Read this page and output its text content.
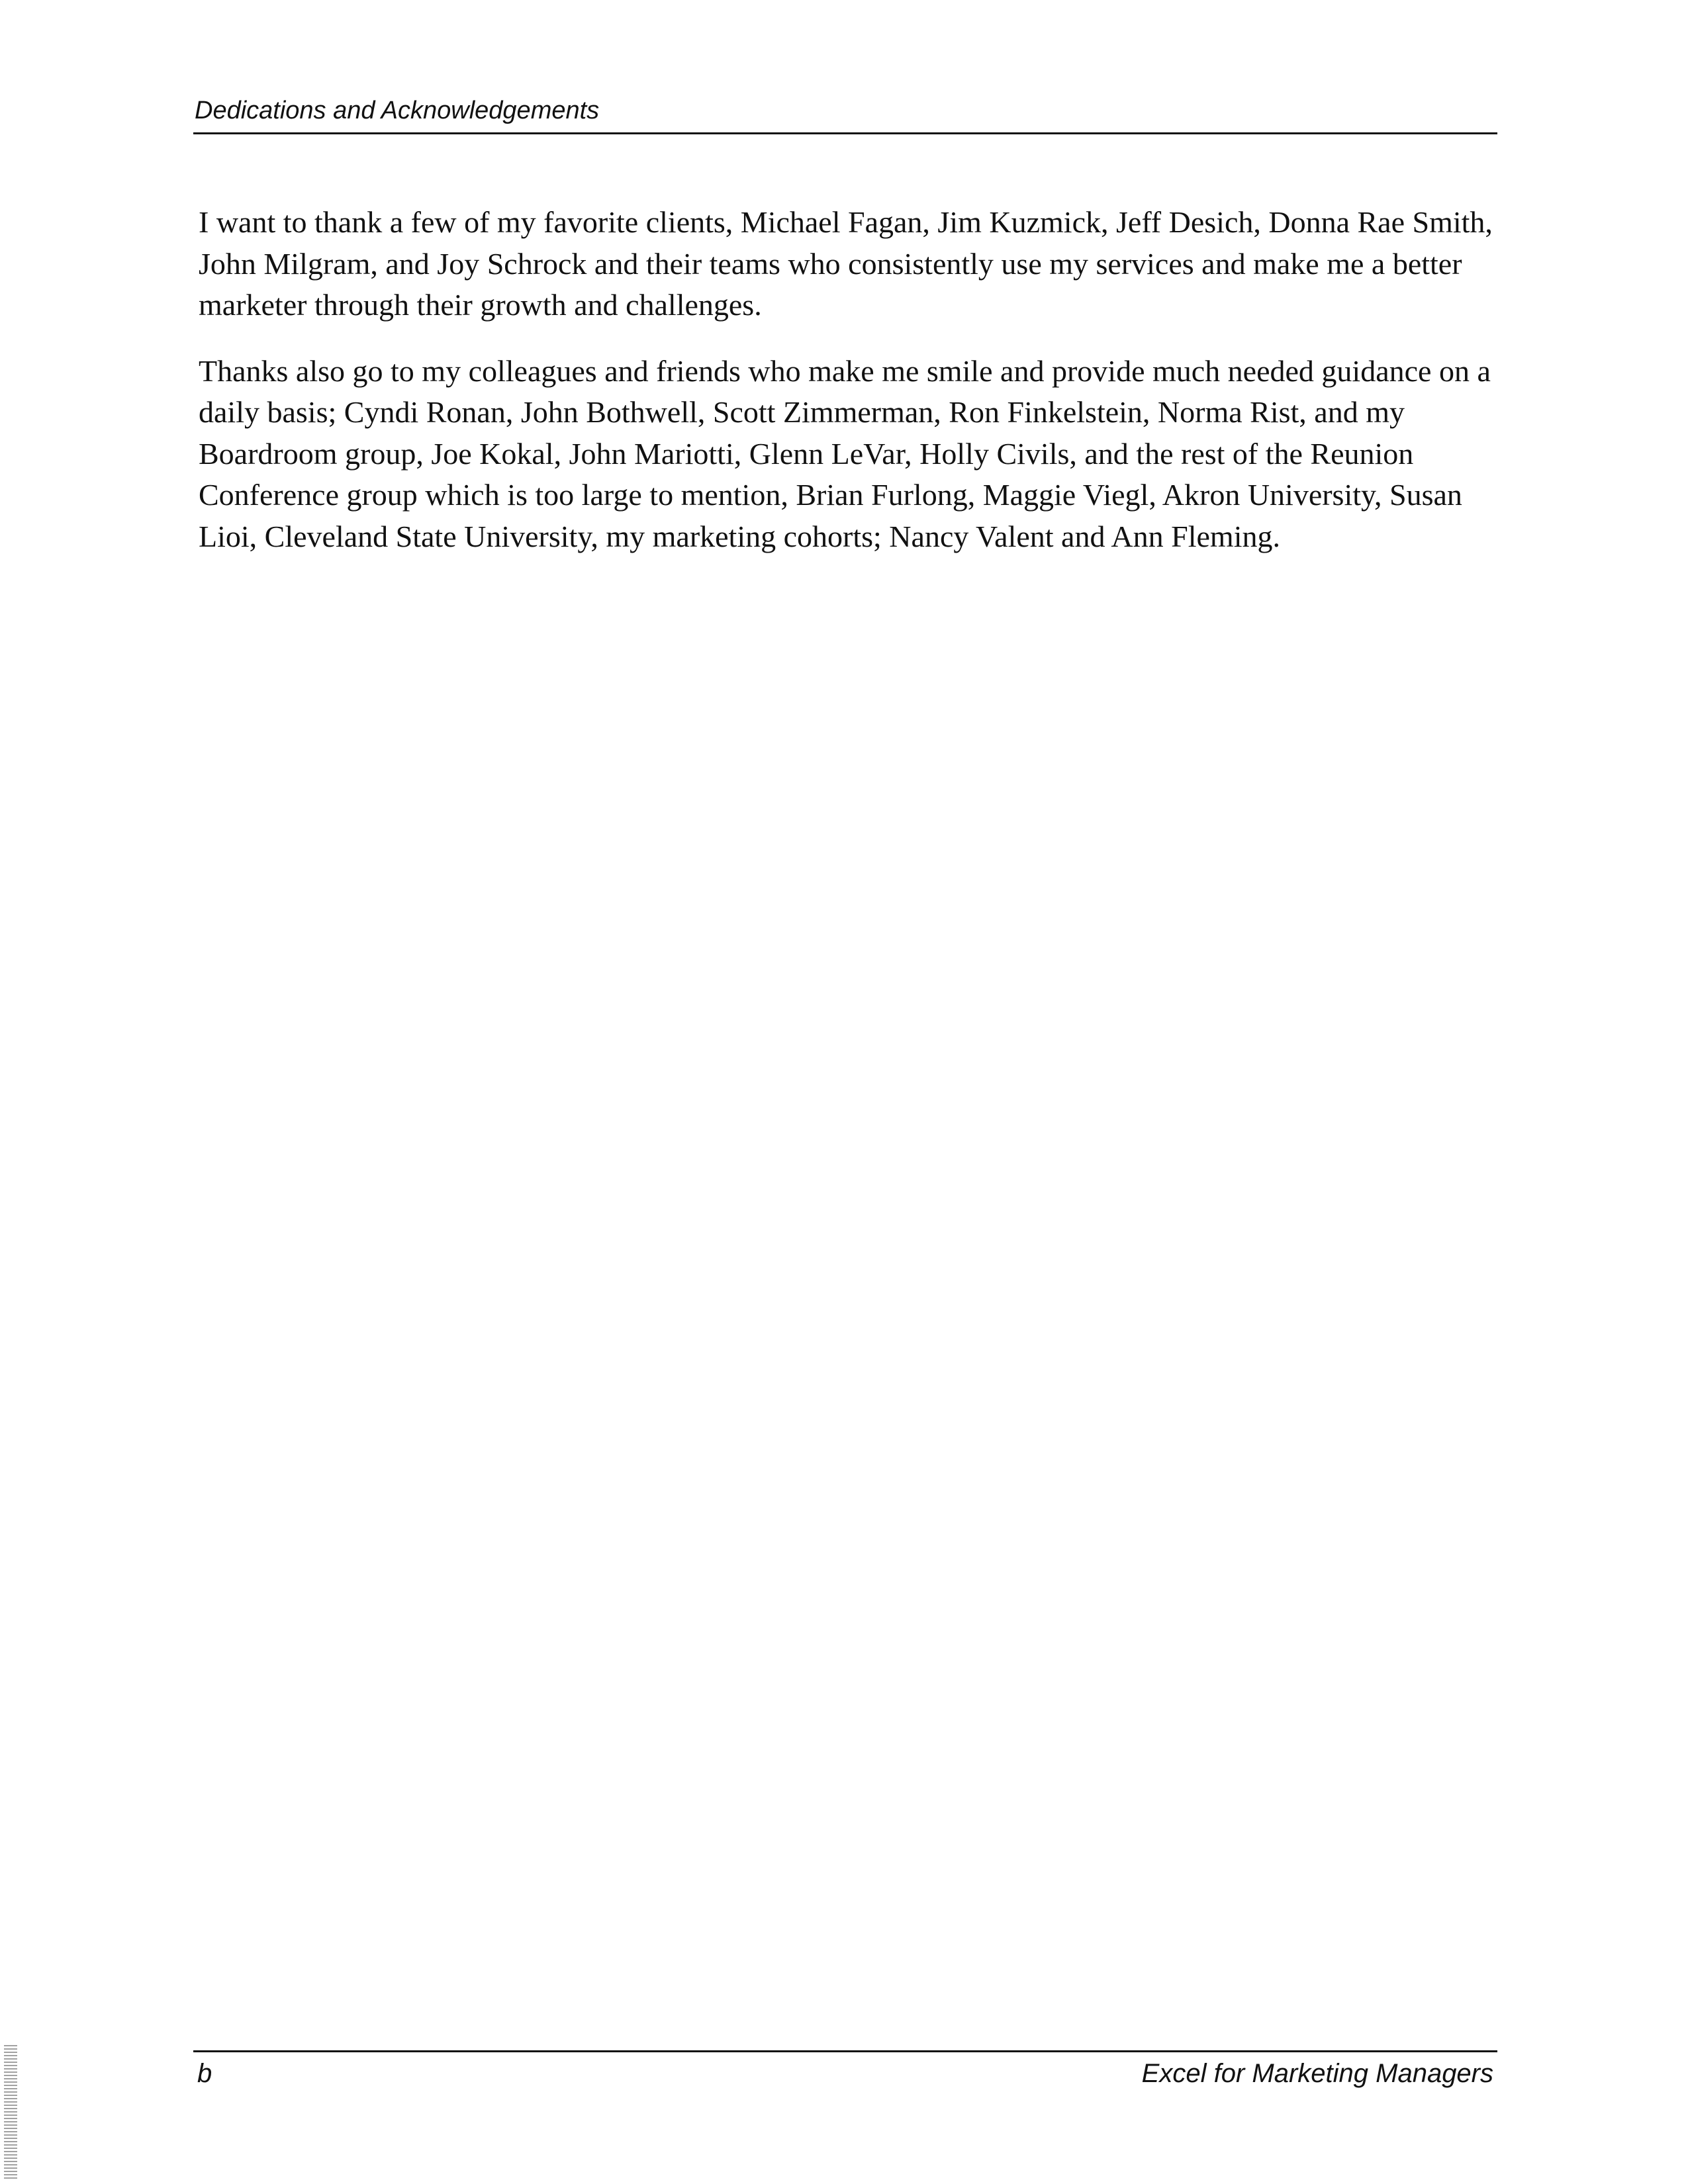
Dedications and Acknowledgements

I want to thank a few of my favorite clients, Michael Fagan, Jim Kuzmick, Jeff Desich, Donna Rae Smith, John Milgram, and Joy Schrock and their teams who consistently use my services and make me a better marketer through their growth and challenges.

Thanks also go to my colleagues and friends who make me smile and provide much needed guidance on a daily basis; Cyndi Ronan, John Bothwell, Scott Zimmerman, Ron Finkelstein, Norma Rist, and my Boardroom group, Joe Kokal, John Mariotti, Glenn LeVar, Holly Civils, and the rest of the Reunion Conference group which is too large to mention, Brian Furlong, Maggie Viegl, Akron University, Susan Lioi, Cleveland State University, my marketing cohorts; Nancy Valent and Ann Fleming.

b	Excel for Marketing Managers
